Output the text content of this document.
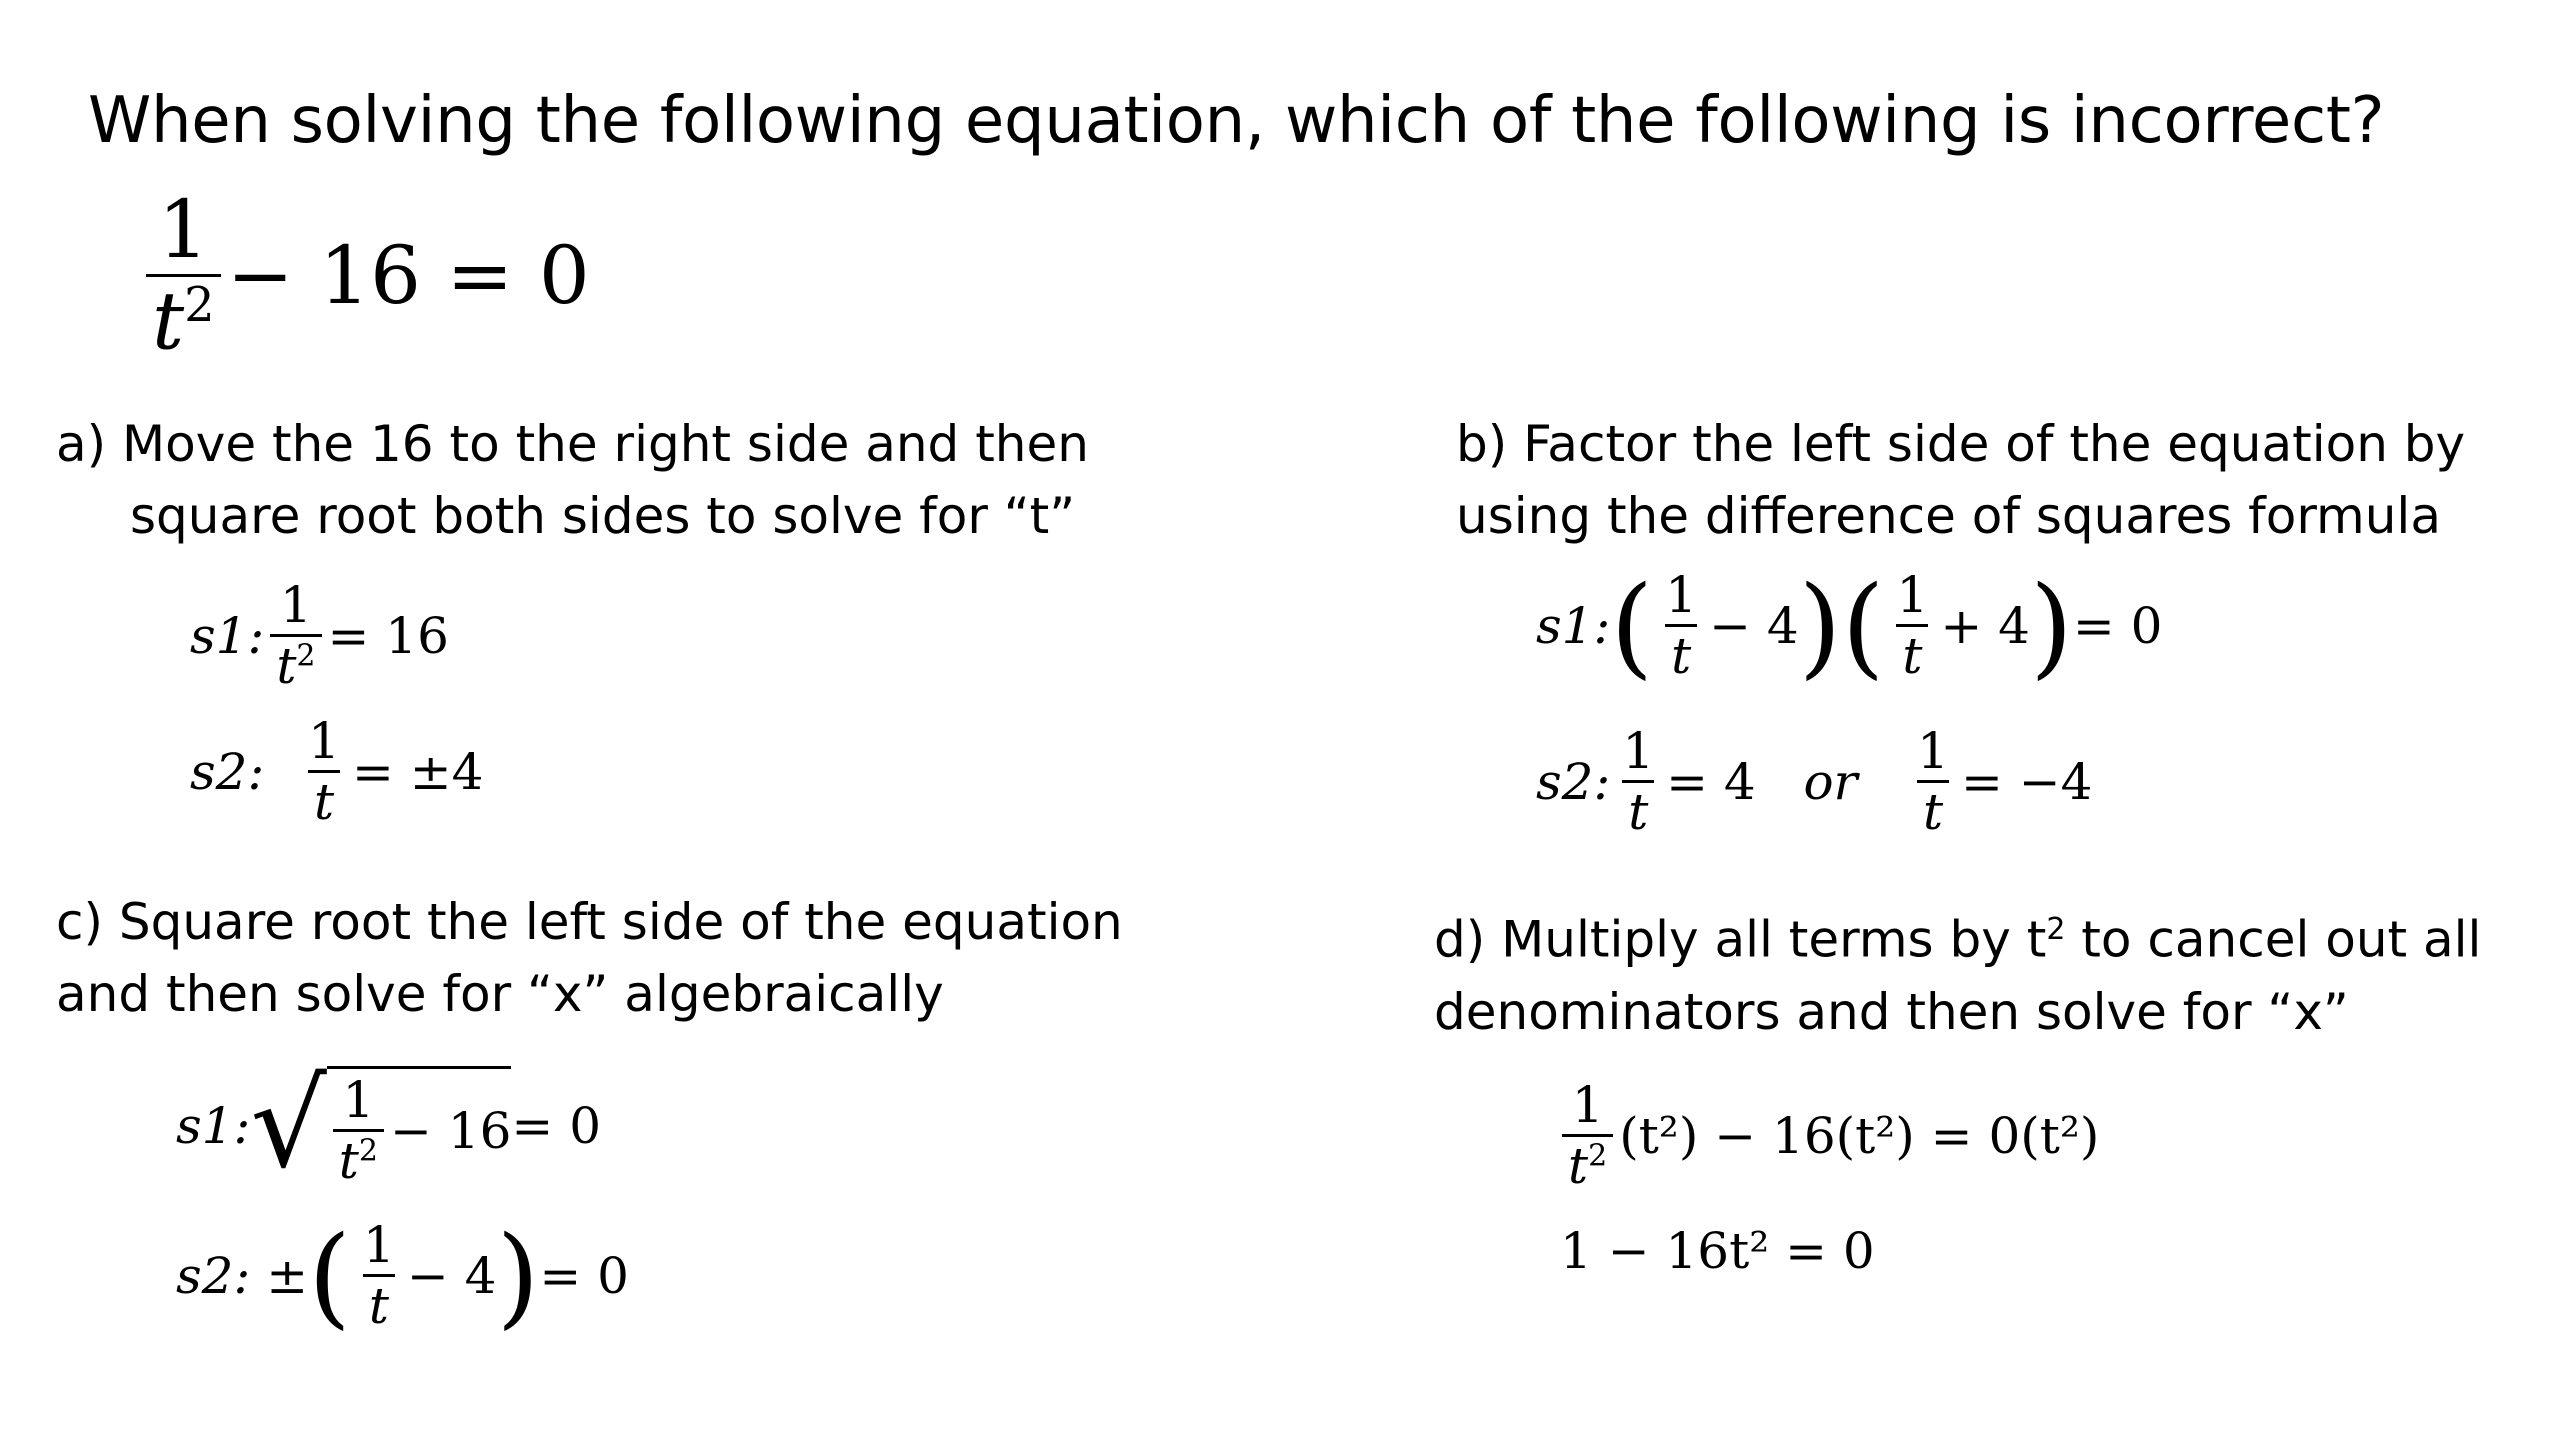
When solving the following equation, which of the following is incorrect?
$\frac{1}{t^2} - 16 = 0$
a) Move the 16 to the right side and then
square root both sides to solve for “t”
s1: $\frac{1}{t^2} = 16$
s2:
$\frac{1}{t} = \pm 4$
b) Factor the left side of the equation by
using the difference of squares formula
s1: ( $\frac{1}{t} - 4$ ) ( $\frac{1}{t} + 4$ ) = 0
s2: $\frac{1}{t} = 4$
or
$\frac{1}{t} = -4$
c) Square root the left side of the equation
and then solve for “x” algebraically
s1: √ $\frac{1}{t^2} - 16 = 0$
s2: ± ( $\frac{1}{t} - 4$ ) = 0
d) Multiply all terms by $t^2$ to cancel out all
denominators and then solve for “x”
$\frac{1}{t^2} (t^2) - 16(t^2) = 0(t^2)$
1 − 16t² = 0
